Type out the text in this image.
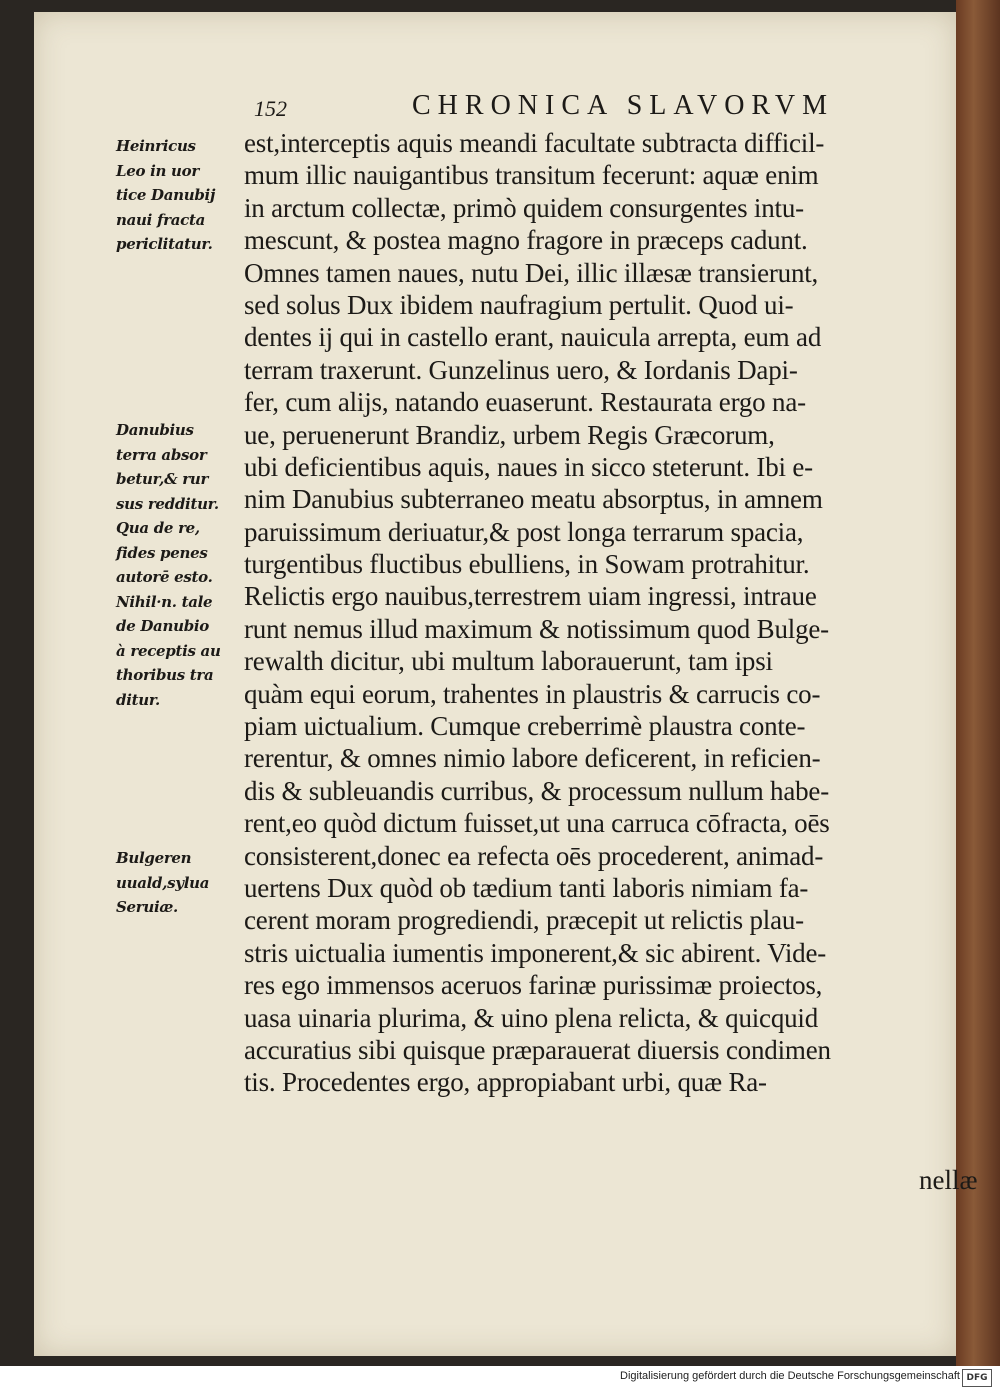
152	CHRONICA SLAVORVM
Heinricus
Leo in uor
tice Danubij
naui fracta
periclitatur.
Danubius
terra absor
betur,& rur
sus redditur.
Qua de re,
fides penes
autorē esto.
Nihil·n. tale
de Danubio
à receptis au
thoribus tra
ditur.
Bulgeren
uuald,sylua
Seruiæ.
est,interceptis aquis meandi facultate subtracta difficil-
mum illic nauigantibus transitum fecerunt: aquæ enim
in arctum collectæ, primò quidem consurgentes intu-
mescunt, & postea magno fragore in præceps cadunt.
Omnes tamen naues, nutu Dei, illic illæsæ transierunt,
sed solus Dux ibidem naufragium pertulit. Quod ui-
dentes ij qui in castello erant, nauicula arrepta, eum ad
terram traxerunt. Gunzelinus uero, & Iordanis Dapi-
fer, cum alijs, natando euaserunt. Restaurata ergo na-
ue, peruenerunt Brandiz, urbem Regis Græcorum,
ubi deficientibus aquis, naues in sicco steterunt. Ibi e-
nim Danubius subterraneo meatu absorptus, in amnem
paruissimum deriuatur,& post longa terrarum spacia,
turgentibus fluctibus ebulliens, in Sowam protrahitur.
Relictis ergo nauibus,terrestrem uiam ingressi, intraue
runt nemus illud maximum & notissimum quod Bulge-
rewalth dicitur, ubi multum laborauerunt, tam ipsi
quàm equi eorum, trahentes in plaustris & carrucis co-
piam uictualium. Cumque creberrimè plaustra conte-
rerentur, & omnes nimio labore deficerent, in reficien-
dis & subleuandis curribus, & processum nullum habe-
rent,eo quòd dictum fuisset,ut una carruca cōfracta, oēs
consisterent,donec ea refecta oēs procederent, animad-
uertens Dux quòd ob tædium tanti laboris nimiam fa-
cerent moram progrediendi, præcepit ut relictis plau-
stris uictualia iumentis imponerent,& sic abirent. Vide-
res ego immensos aceruos farinæ purissimæ proiectos,
uasa uinaria plurima, & uino plena relicta, & quicquid
accuratius sibi quisque præparauerat diuersis condimen
tis. Procedentes ergo, appropiabant urbi, quæ Ra-
nellæ
Digitalisierung gefördert durch die Deutsche Forschungsgemeinschaft DFG
